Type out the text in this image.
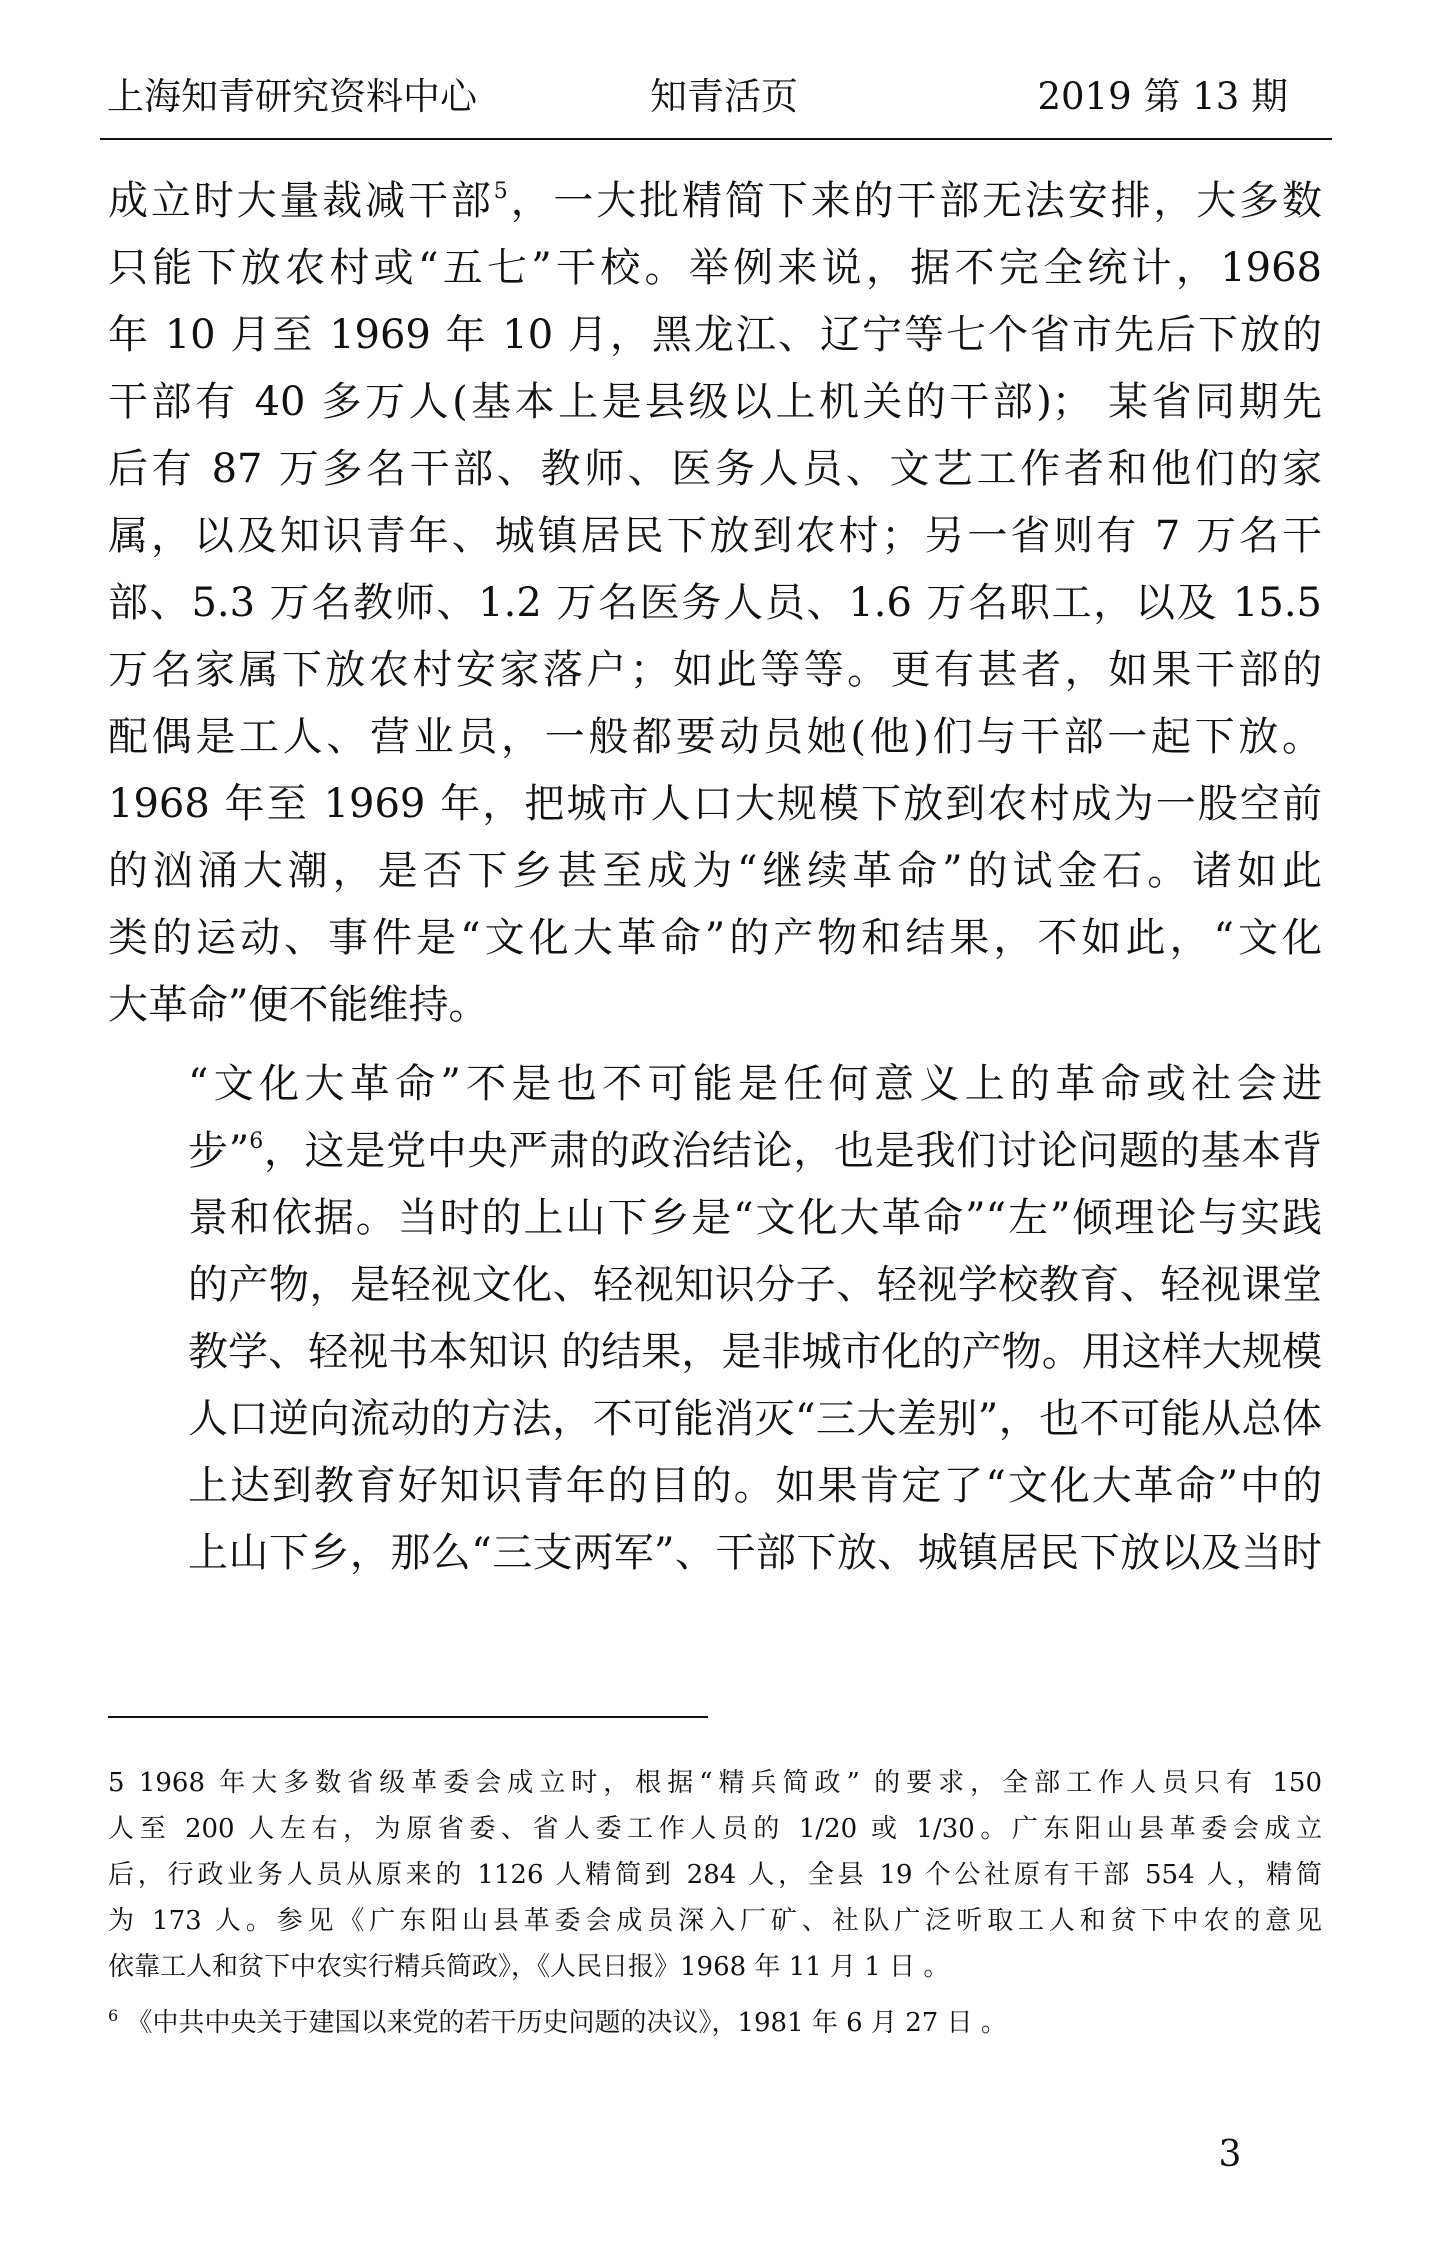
上海知青研究资料中心	知青活页	2019 第 13 期
成立时大量裁减干部$^5$，一大批精简下来的干部无法安排，大多数
只能下放农村或“五七”干校。举例来说，据不完全统计，1968
年 10 月至 1969 年 10 月，黑龙江、辽宁等七个省市先后下放的
干部有 40 多万人(基本上是县级以上机关的干部)； 某省同期先
后有 87 万多名干部、教师、医务人员、文艺工作者和他们的家
属，以及知识青年、城镇居民下放到农村；另一省则有 7 万名干
部、5.3 万名教师、1.2 万名医务人员、1.6 万名职工，以及 15.5
万名家属下放农村安家落户；如此等等。更有甚者，如果干部的
配偶是工人、营业员，一般都要动员她(他)们与干部一起下放。
1968 年至 1969 年，把城市人口大规模下放到农村成为一股空前
的汹涌大潮，是否下乡甚至成为“继续革命”的试金石。诸如此
类的运动、事件是“文化大革命”的产物和结果，不如此，“文化
大革命”便不能维持。
“文化大革命”不是也不可能是任何意义上的革命或社会进
步”$^6$，这是党中央严肃的政治结论，也是我们讨论问题的基本背
景和依据。当时的上山下乡是“文化大革命”“左”倾理论与实践
的产物，是轻视文化、轻视知识分子、轻视学校教育、轻视课堂
教学、轻视书本知识 的结果，是非城市化的产物。用这样大规模
人口逆向流动的方法，不可能消灭“三大差别”，也不可能从总体
上达到教育好知识青年的目的。如果肯定了“文化大革命”中的
上山下乡，那么“三支两军”、干部下放、城镇居民下放以及当时
5 1968 年大多数省级革委会成立时，根据“精兵简政” 的要求，全部工作人员只有 150
人至 200 人左右，为原省委、省人委工作人员的 1/20 或 1/30。广东阳山县革委会成立
后，行政业务人员从原来的 1126 人精简到 284 人，全县 19 个公社原有干部 554 人，精简
为 173 人。参见《广东阳山县革委会成员深入厂矿、社队广泛听取工人和贫下中农的意见
依靠工人和贫下中农实行精兵简政》，《人民日报》1968 年 11 月 1 日 。
$^6$ 《中共中央关于建国以来党的若干历史问题的决议》，1981 年 6 月 27 日 。
3
